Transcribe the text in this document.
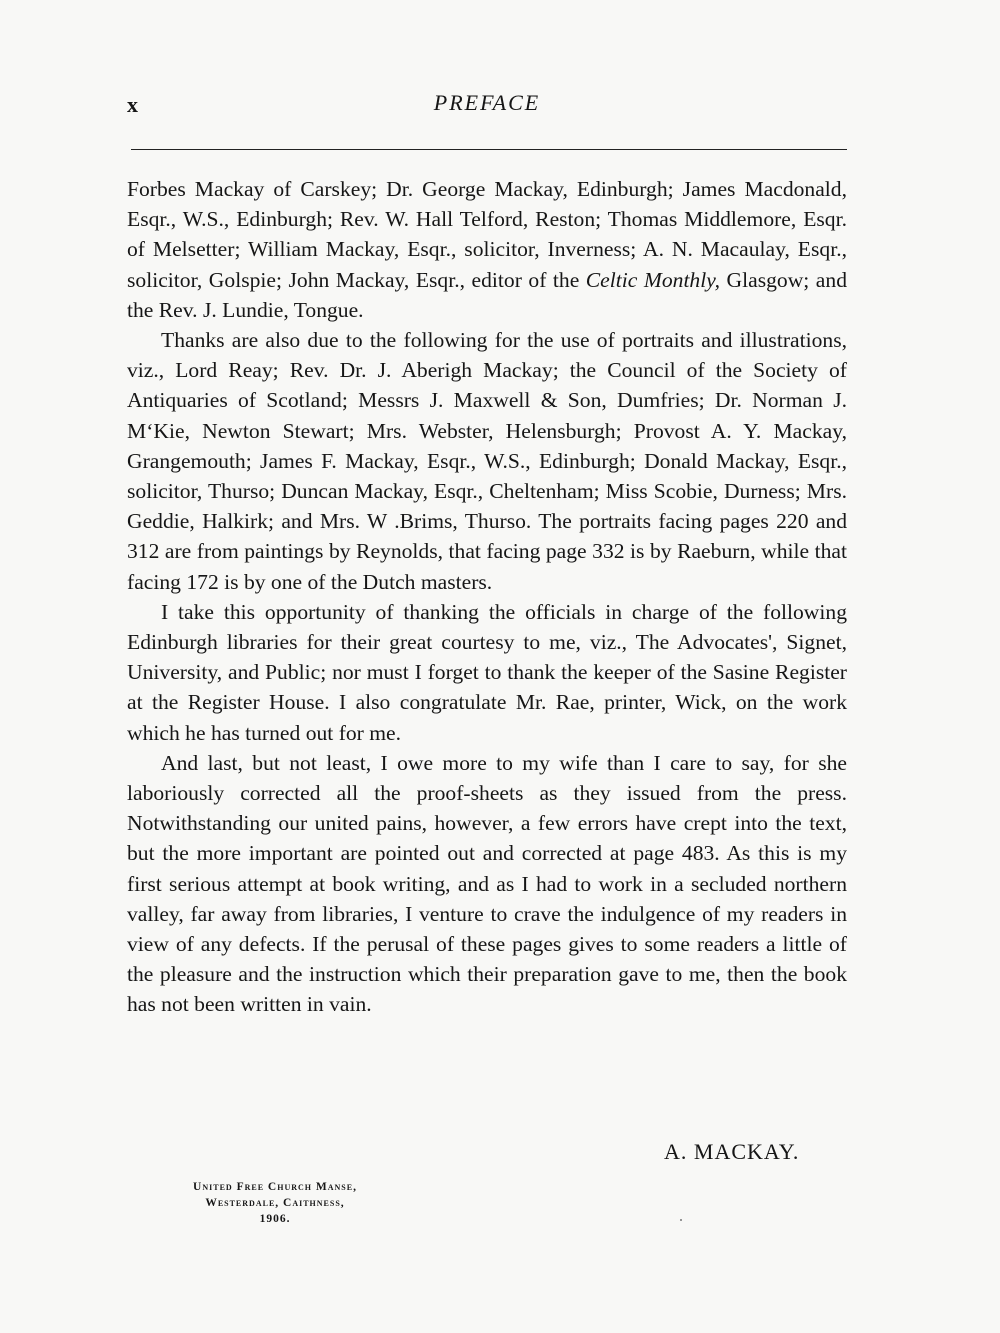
x	PREFACE

Forbes Mackay of Carskey; Dr. George Mackay, Edinburgh; James Macdonald, Esqr., W.S., Edinburgh; Rev. W. Hall Telford, Reston; Thomas Middlemore, Esqr. of Melsetter; William Mackay, Esqr., solicitor, Inverness; A. N. Macaulay, Esqr., solicitor, Golspie; John Mackay, Esqr., editor of the Celtic Monthly, Glasgow; and the Rev. J. Lundie, Tongue.

Thanks are also due to the following for the use of portraits and illustrations, viz., Lord Reay; Rev. Dr. J. Aberigh Mackay; the Council of the Society of Antiquaries of Scotland; Messrs J. Maxwell & Son, Dumfries; Dr. Norman J. M‘Kie, Newton Stewart; Mrs. Webster, Helensburgh; Provost A. Y. Mackay, Grangemouth; James F. Mackay, Esqr., W.S., Edinburgh; Donald Mackay, Esqr., solicitor, Thurso; Duncan Mackay, Esqr., Cheltenham; Miss Scobie, Durness; Mrs. Geddie, Halkirk; and Mrs. W .Brims, Thurso. The portraits facing pages 220 and 312 are from paintings by Reynolds, that facing page 332 is by Raeburn, while that facing 172 is by one of the Dutch masters.

I take this opportunity of thanking the officials in charge of the following Edinburgh libraries for their great courtesy to me, viz., The Advocates', Signet, University, and Public; nor must I forget to thank the keeper of the Sasine Register at the Register House. I also congratulate Mr. Rae, printer, Wick, on the work which he has turned out for me.

And last, but not least, I owe more to my wife than I care to say, for she laboriously corrected all the proof-sheets as they issued from the press. Notwithstanding our united pains, however, a few errors have crept into the text, but the more important are pointed out and corrected at page 483. As this is my first serious attempt at book writing, and as I had to work in a secluded northern valley, far away from libraries, I venture to crave the indulgence of my readers in view of any defects. If the perusal of these pages gives to some readers a little of the pleasure and the instruction which their preparation gave to me, then the book has not been written in vain.

A. MACKAY.
United Free Church Manse,
Westerdale, Caithness,
1906.
